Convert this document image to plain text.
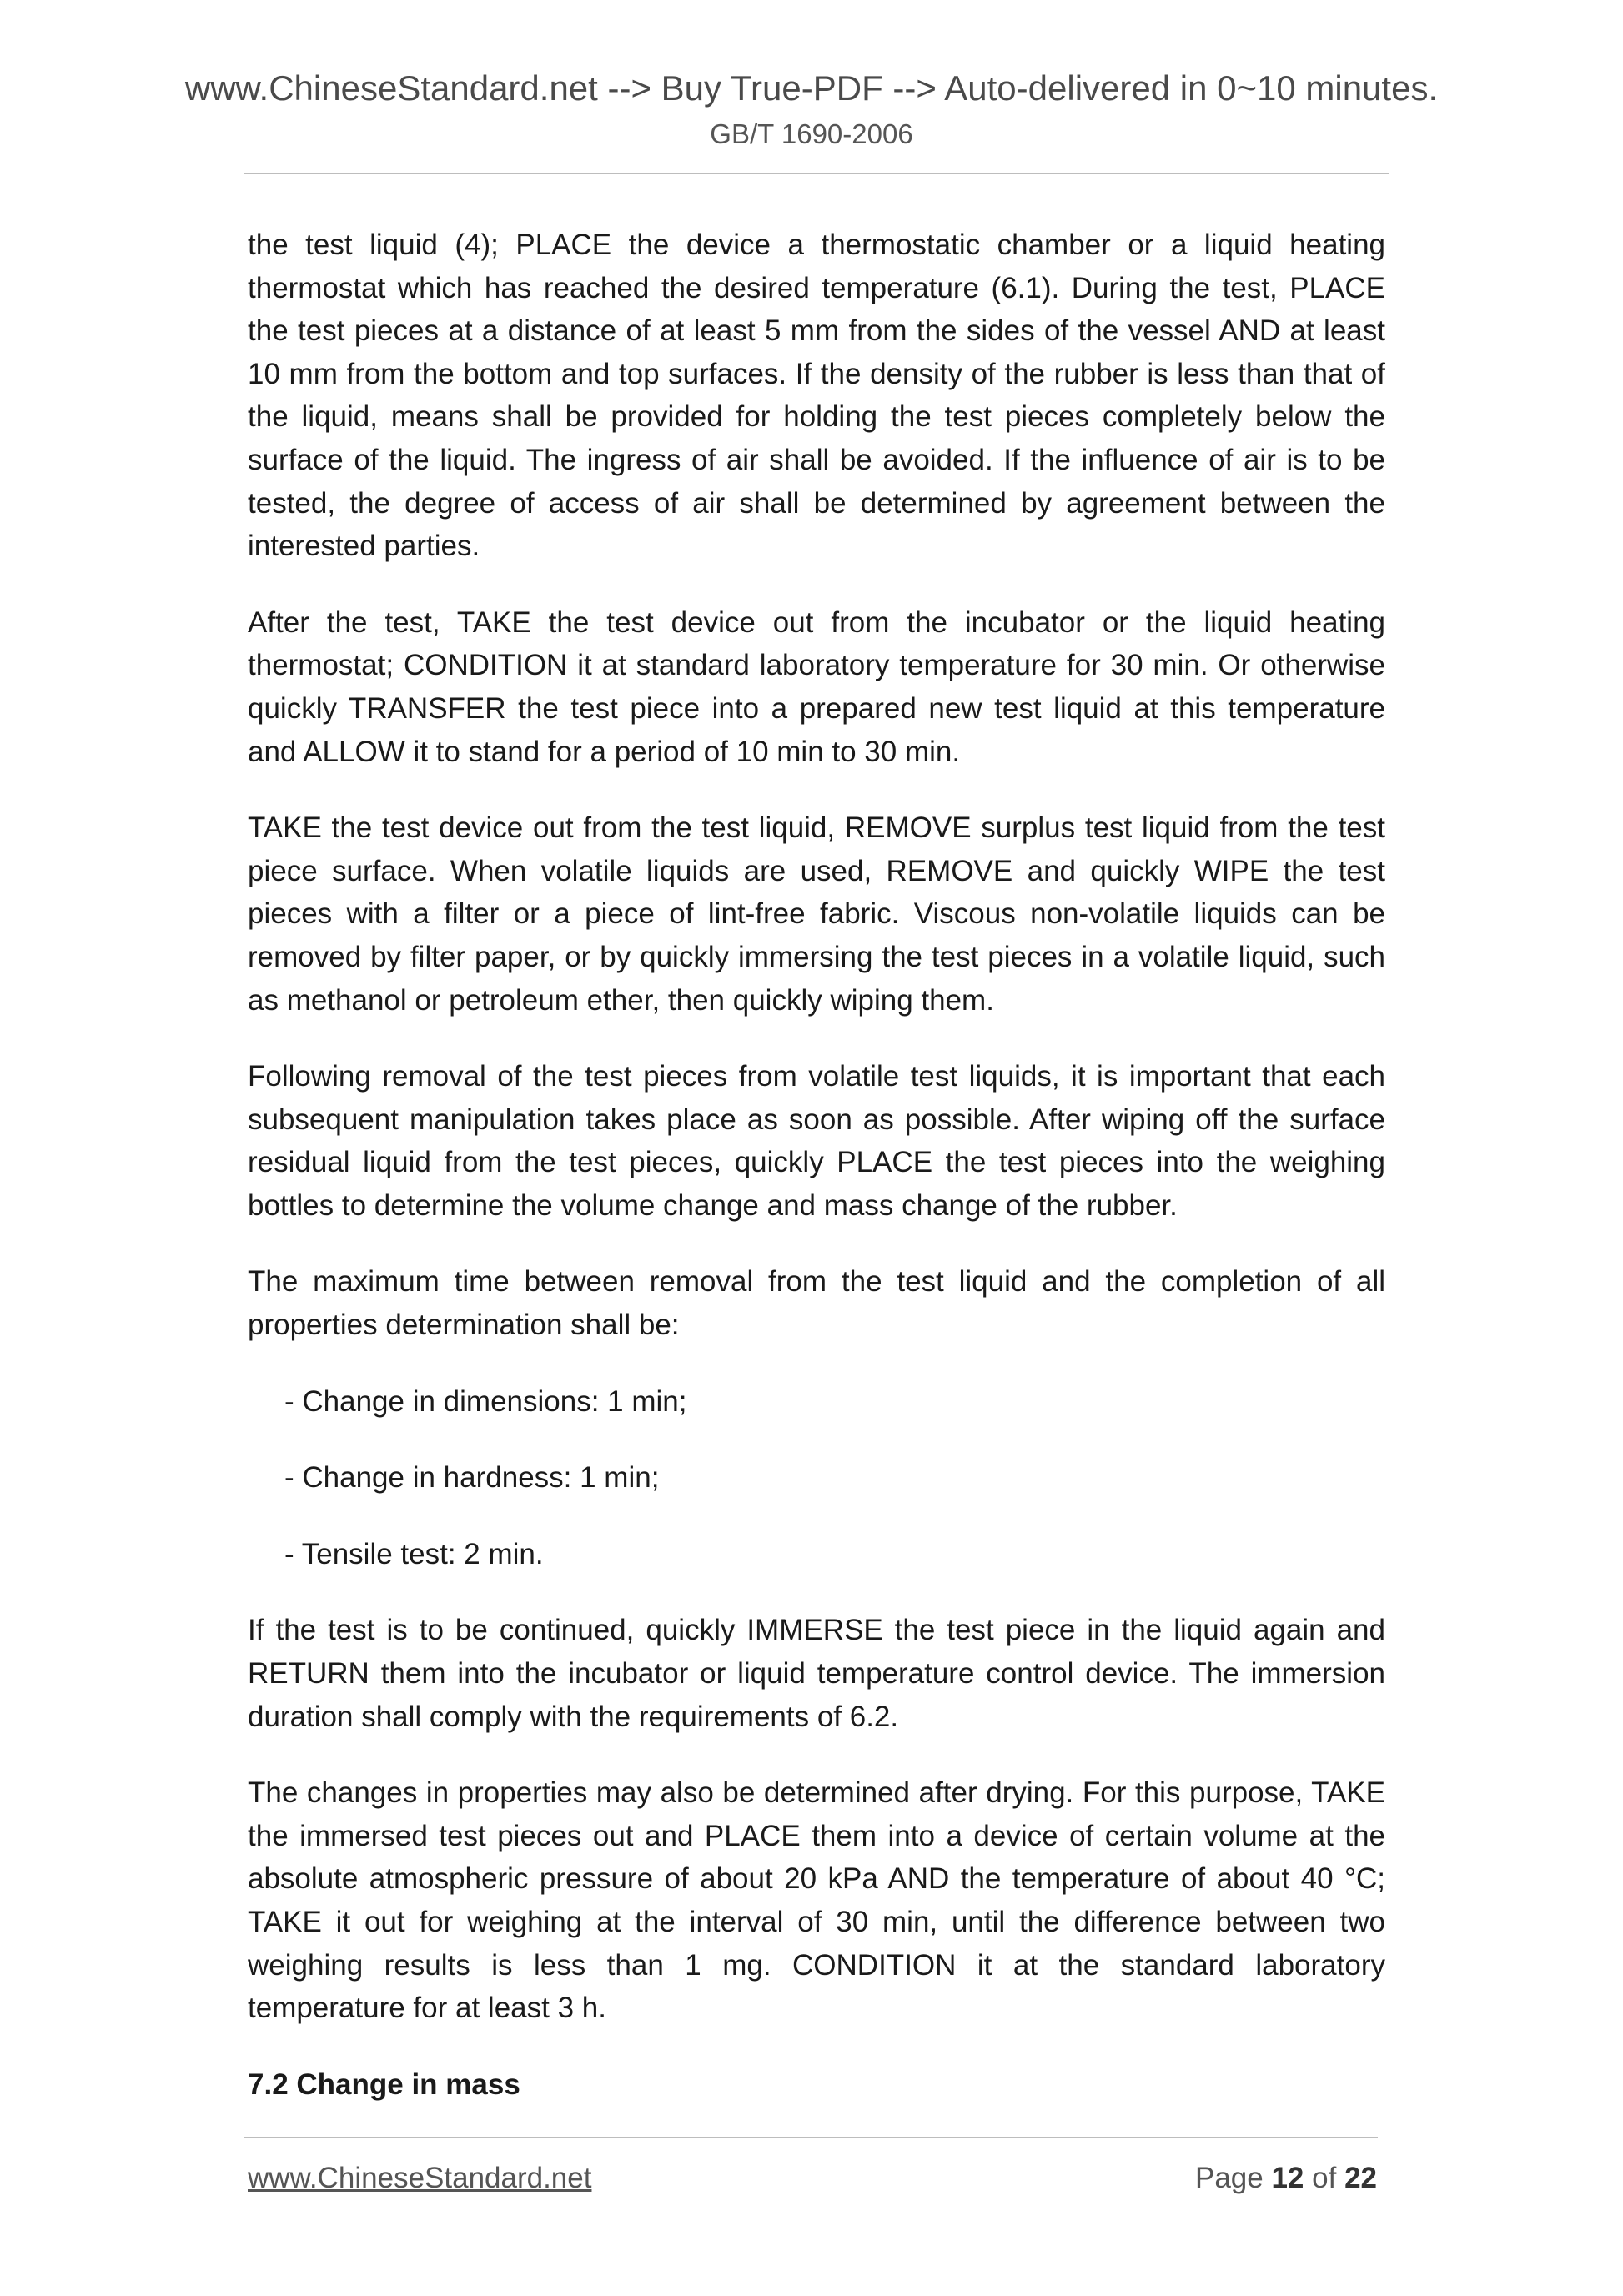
www.ChineseStandard.net --> Buy True-PDF --> Auto-delivered in 0~10 minutes.
GB/T 1690-2006

the test liquid (4); PLACE the device a thermostatic chamber or a liquid heating thermostat which has reached the desired temperature (6.1). During the test, PLACE the test pieces at a distance of at least 5 mm from the sides of the vessel AND at least 10 mm from the bottom and top surfaces. If the density of the rubber is less than that of the liquid, means shall be provided for holding the test pieces completely below the surface of the liquid. The ingress of air shall be avoided. If the influence of air is to be tested, the degree of access of air shall be determined by agreement between the interested parties.

After the test, TAKE the test device out from the incubator or the liquid heating thermostat; CONDITION it at standard laboratory temperature for 30 min. Or otherwise quickly TRANSFER the test piece into a prepared new test liquid at this temperature and ALLOW it to stand for a period of 10 min to 30 min.

TAKE the test device out from the test liquid, REMOVE surplus test liquid from the test piece surface. When volatile liquids are used, REMOVE and quickly WIPE the test pieces with a filter or a piece of lint-free fabric. Viscous non-volatile liquids can be removed by filter paper, or by quickly immersing the test pieces in a volatile liquid, such as methanol or petroleum ether, then quickly wiping them.

Following removal of the test pieces from volatile test liquids, it is important that each subsequent manipulation takes place as soon as possible. After wiping off the surface residual liquid from the test pieces, quickly PLACE the test pieces into the weighing bottles to determine the volume change and mass change of the rubber.

The maximum time between removal from the test liquid and the completion of all properties determination shall be:

- Change in dimensions: 1 min;
- Change in hardness: 1 min;
- Tensile test: 2 min.

If the test is to be continued, quickly IMMERSE the test piece in the liquid again and RETURN them into the incubator or liquid temperature control device. The immersion duration shall comply with the requirements of 6.2.

The changes in properties may also be determined after drying. For this purpose, TAKE the immersed test pieces out and PLACE them into a device of certain volume at the absolute atmospheric pressure of about 20 kPa AND the temperature of about 40 °C; TAKE it out for weighing at the interval of 30 min, until the difference between two weighing results is less than 1 mg. CONDITION it at the standard laboratory temperature for at least 3 h.

7.2 Change in mass
www.ChineseStandard.net	Page 12 of 22
